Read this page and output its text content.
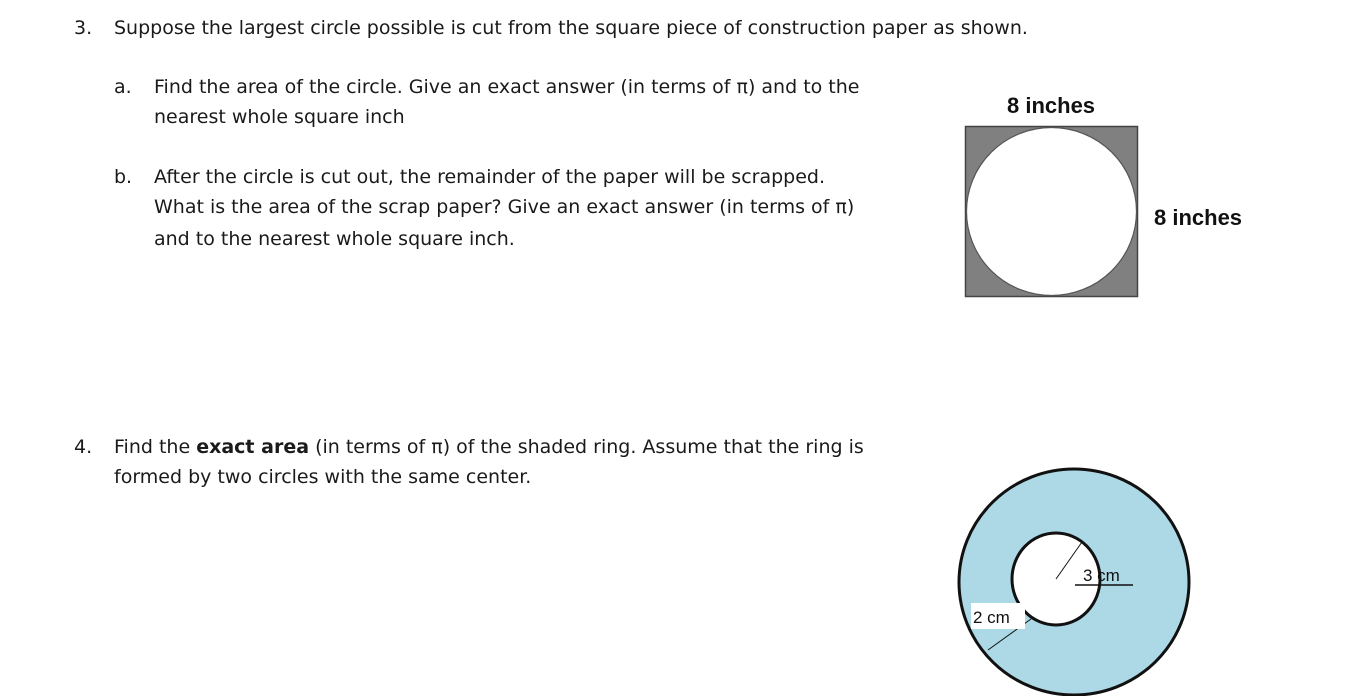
3. Suppose the largest circle possible is cut from the square piece of construction paper as shown.
a. Find the area of the circle. Give an exact answer (in terms of π) and to the
nearest whole square inch
b. After the circle is cut out, the remainder of the paper will be scrapped.
What is the area of the scrap paper? Give an exact answer (in terms of π)
and to the nearest whole square inch.
8 inches
8 inches
4. Find the exact area (in terms of π) of the shaded ring. Assume that the ring is
formed by two circles with the same center.
3 cm
2 cm
